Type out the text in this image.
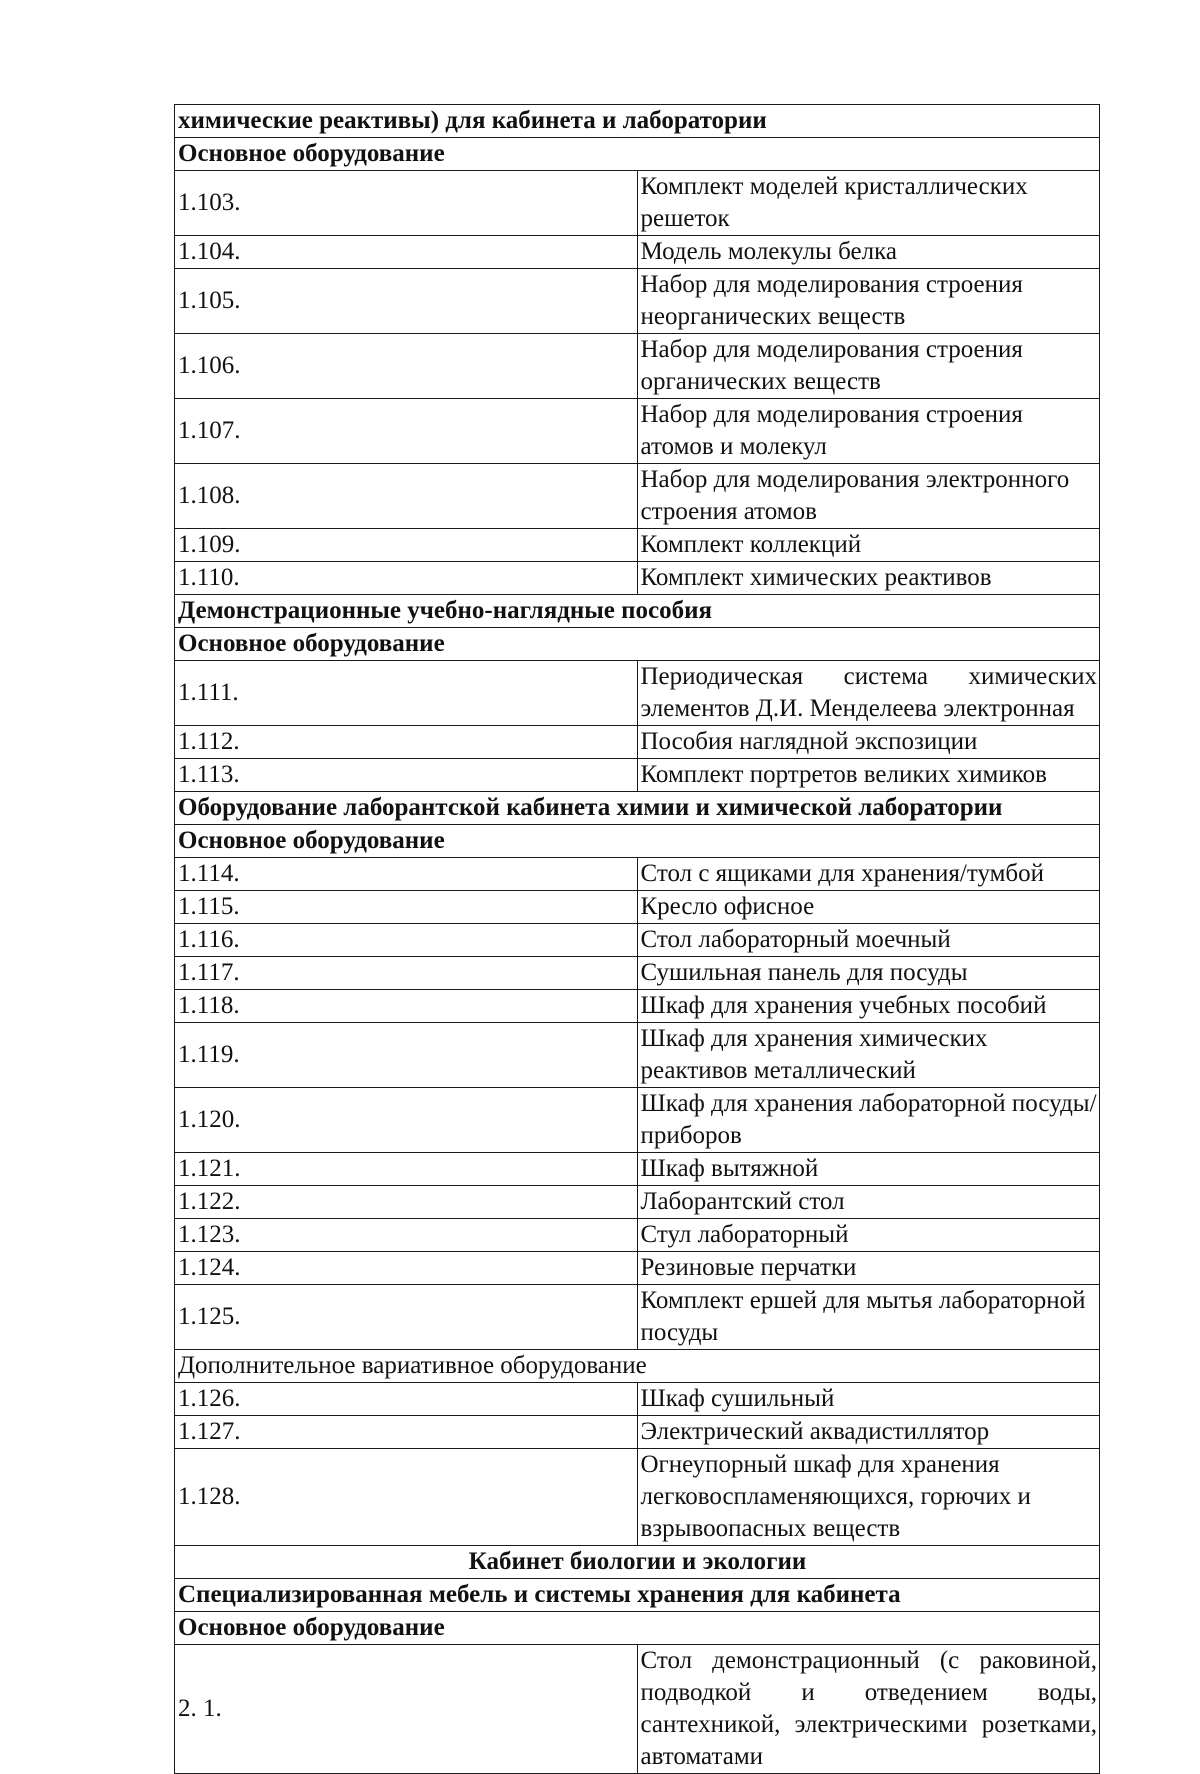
химические реактивы) для кабинета и лаборатории	
Основное оборудование	
1.103.	Комплект моделей кристаллических решеток
1.104.	Модель молекулы белка
1.105.	Набор для моделирования строения неорганических веществ
1.106.	Набор для моделирования строения органических веществ
1.107.	Набор для моделирования строения атомов и молекул
1.108.	Набор для моделирования электронного строения атомов
1.109.	Комплект коллекций
1.110.	Комплект химических реактивов
Демонстрационные учебно-наглядные пособия	
Основное оборудование	
1.111.	Периодическая система химических элементов Д.И. Менделеева электронная
1.112.	Пособия наглядной экспозиции
1.113.	Комплект портретов великих химиков
Оборудование лаборантской кабинета химии и химической лаборатории	
Основное оборудование	
1.114.	Стол с ящиками для хранения/тумбой
1.115.	Кресло офисное
1.116.	Стол лабораторный моечный
1.117.	Сушильная панель для посуды
1.118.	Шкаф для хранения учебных пособий
1.119.	Шкаф для хранения химических реактивов металлический
1.120.	Шкаф для хранения лабораторной посуды/приборов
1.121.	Шкаф вытяжной
1.122.	Лаборантский стол
1.123.	Стул лабораторный
1.124.	Резиновые перчатки
1.125.	Комплект ершей для мытья лабораторной посуды
Дополнительное вариативное оборудование	
1.126.	Шкаф сушильный
1.127.	Электрический аквадистиллятор
1.128.	Огнеупорный шкаф для хранения легковоспламеняющихся, горючих и взрывоопасных веществ
Кабинет биологии и экологии	
Специализированная мебель и системы хранения для кабинета	
Основное оборудование	
2. 1.	Стол демонстрационный (с раковиной, подводкой и отведением воды, сантехникой, электрическими розетками, автоматами
